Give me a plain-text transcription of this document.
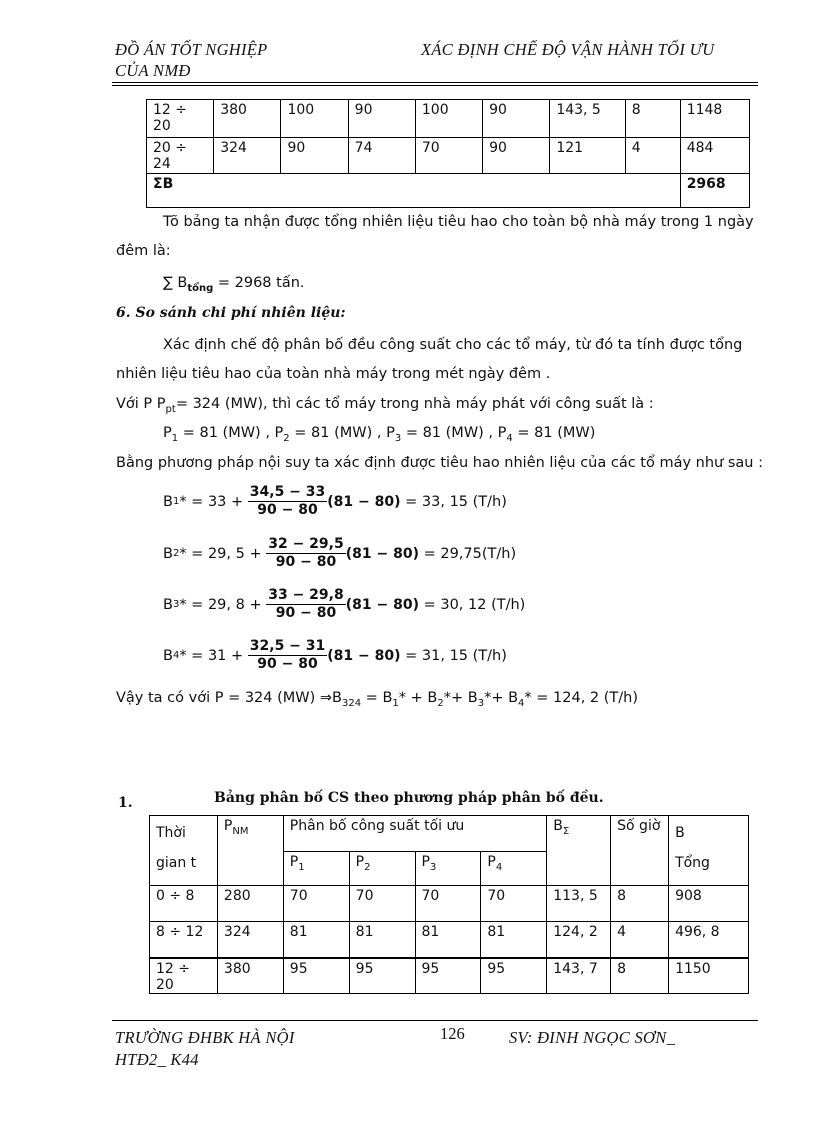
ĐỒ ÁN TỐT NGHIỆP
CỦA NMĐ
XÁC ĐỊNH CHẾ ĐỘ VẬN HÀNH TỐI ƯU
12 ÷ 20	380	100	90	100	90	143, 5	8	1148
20 ÷ 24	324	90	74	70	90	121	4	484
ΣB								2968
Tõ bảng ta nhận được tổng nhiên liệu tiêu hao cho toàn bộ nhà máy trong 1 ngày
đêm là:
∑ $B_{tổng} = 2968$ tấn.
6. So sánh chi phí nhiên liệu:
Xác định chế độ phân bố đều công suất cho các tổ máy, từ đó ta tính được tổng
nhiên liệu tiêu hao của toàn nhà máy trong mét ngày đêm .
Với P $P_{pt}= 324$ (MW), thì các tổ máy trong nhà máy phát với công suất là :
$P_1 = 81$ (MW) , $P_2 = 81$ (MW) , $P_3 = 81$ (MW) , $P_4 = 81$ (MW)
Bằng phương pháp nội suy ta xác định được tiêu hao nhiên liệu của các tổ máy như sau :
B 1 * = $33 + \frac{34,5 - 33}{90 - 80} (81 - 80) = 33$, 15 (T/h)
B 2 * = 29, $5 + \frac{32 - 29,5}{90 - 80} (81 - 80) = 29,75(T/h)$
B 3 * = 29, $8 + \frac{33 - 29,8}{90 - 80} (81 - 80) = 30$, 12 (T/h)
B 4 * = $31 + \frac{32,5 - 31}{90 - 80} (81 - 80) = 31$, 15 (T/h)
Vậy ta có với P = 324 (MW) $\Rightarrow B_{324} = B_1* + B_2*+ B_3*+ B_4* = 124$, 2 (T/h)
1.	Bảng phân bố CS theo phương pháp phân bố đều.
Thời
gian t	$P_{NM}$	Phân bố công suất tối ưu				$B_\Sigma$	Số giờ	B
Tổng
		$P_1$	$P_2$	$P_3$	$P_4$
0 ÷ 8	280	70	70	70	70	113, 5	8	908
8 ÷ 12	324	81	81	81	81	124, 2	4	496, 8
12 ÷ 20	380	95	95	95	95	143, 7	8	1150
TRƯỜNG ĐHBK HÀ NỘI
HTĐ2_ K44
126	SV: ĐINH NGỌC SƠN_
